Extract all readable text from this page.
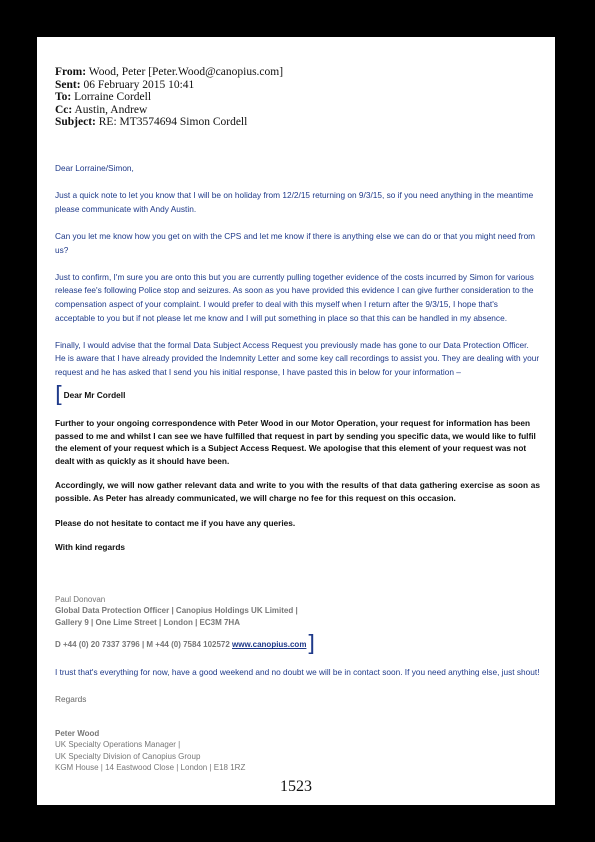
From: Wood, Peter [Peter.Wood@canopius.com]
Sent: 06 February 2015 10:41
To: Lorraine Cordell
Cc: Austin, Andrew
Subject: RE: MT3574694 Simon Cordell

Dear Lorraine/Simon,

Just a quick note to let you know that I will be on holiday from 12/2/15 returning on 9/3/15, so if you need anything in the meantime please communicate with Andy Austin.

Can you let me know how you get on with the CPS and let me know if there is anything else we can do or that you might need from us?

Just to confirm, I'm sure you are onto this but you are currently pulling together evidence of the costs incurred by Simon for various release fee's following Police stop and seizures. As soon as you have provided this evidence I can give further consideration to the compensation aspect of your complaint. I would prefer to deal with this myself when I return after the 9/3/15, I hope that's acceptable to you but if not please let me know and I will put something in place so that this can be handled in my absence.

Finally, I would advise that the formal Data Subject Access Request you previously made has gone to our Data Protection Officer. He is aware that I have already provided the Indemnity Letter and some key call recordings to assist you. They are dealing with your request and he has asked that I send you his initial response, I have pasted this in below for your information –

[Dear Mr Cordell

Further to your ongoing correspondence with Peter Wood in our Motor Operation, your request for information has been passed to me and whilst I can see we have fulfilled that request in part by sending you specific data, we would like to fulfil the element of your request which is a Subject Access Request. We apologise that this element of your request was not dealt with as quickly as it should have been.

Accordingly, we will now gather relevant data and write to you with the results of that data gathering exercise as soon as possible. As Peter has already communicated, we will charge no fee for this request on this occasion.

Please do not hesitate to contact me if you have any queries.

With kind regards

Paul Donovan
Global Data Protection Officer | Canopius Holdings UK Limited |
Gallery 9 | One Lime Street | London | EC3M 7HA
D +44 (0) 20 7337 3796 | M +44 (0) 7584 102572 www.canopius.com]

I trust that's everything for now, have a good weekend and no doubt we will be in contact soon. If you need anything else, just shout!

Regards

Peter Wood
UK Specialty Operations Manager |
UK Specialty Division of Canopius Group
KGM House | 14 Eastwood Close | London | E18 1RZ
1523
